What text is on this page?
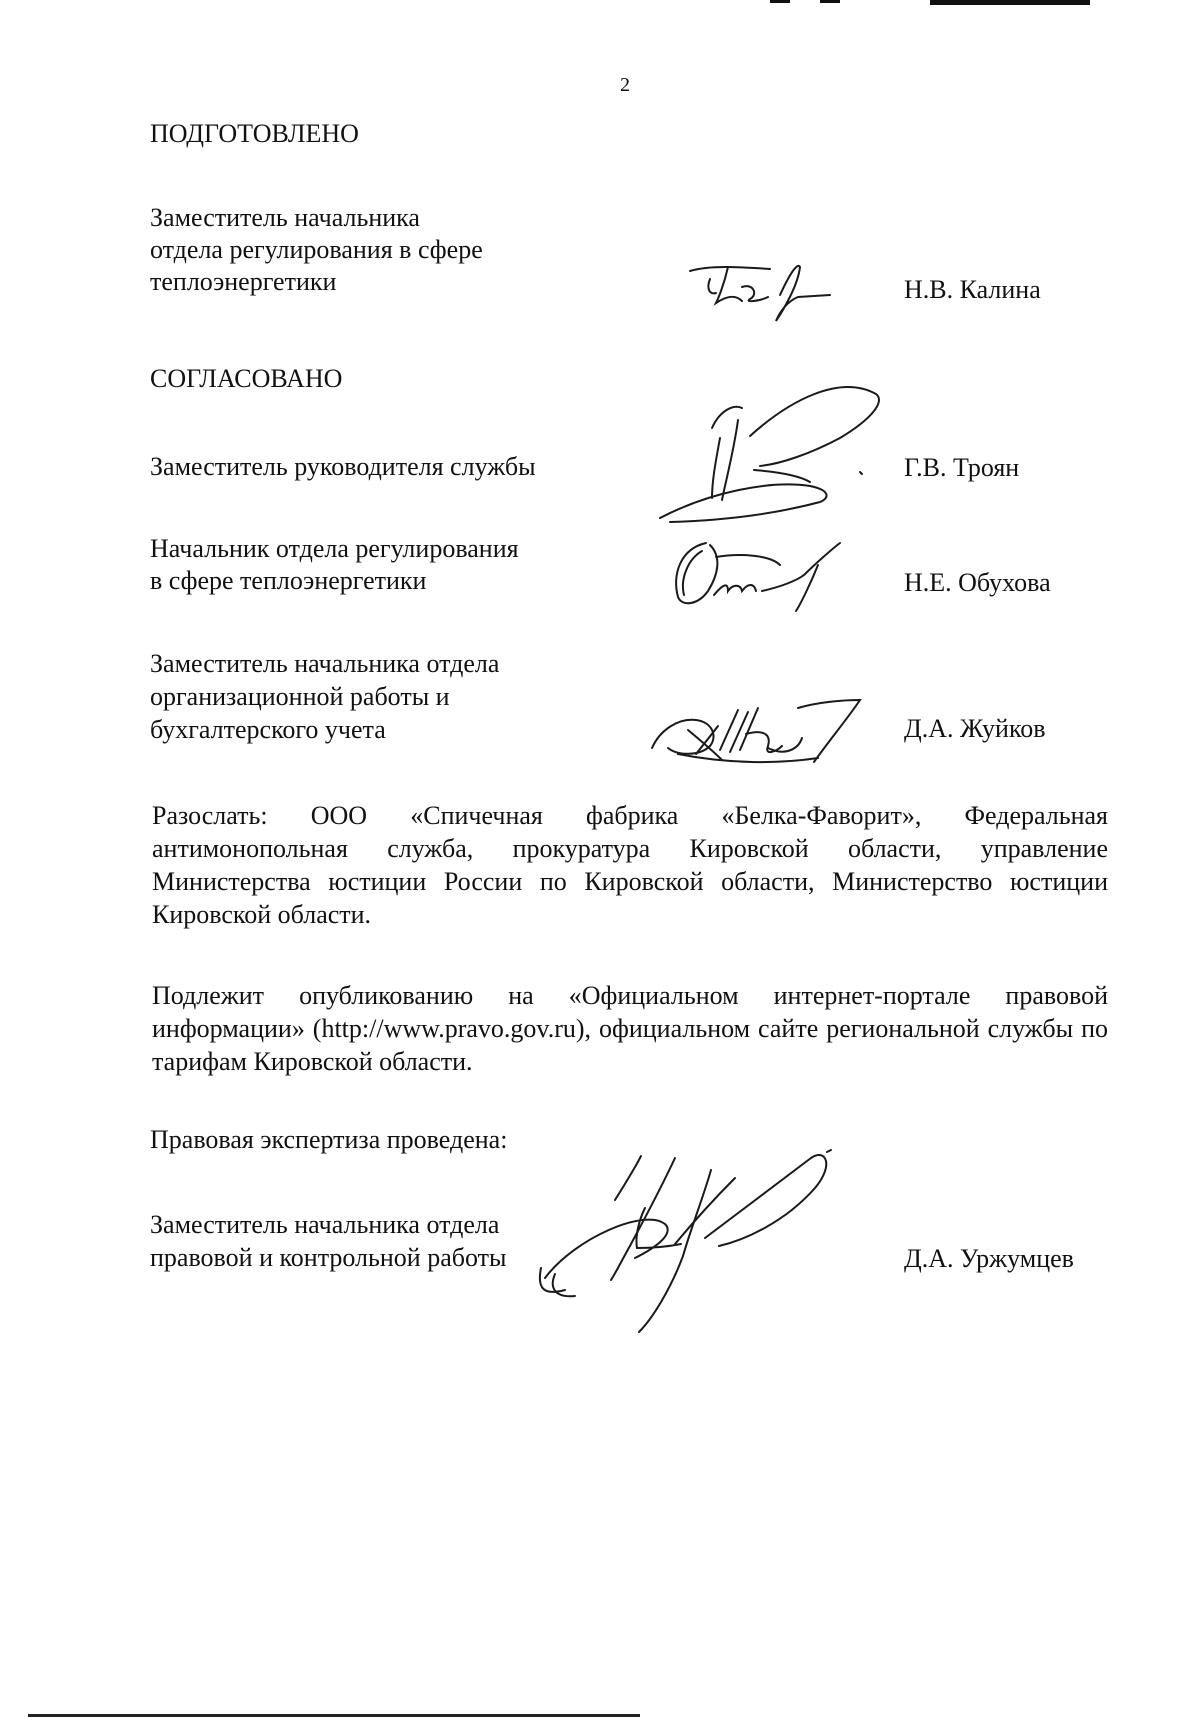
2
ПОДГОТОВЛЕНО
Заместитель начальника
отдела регулирования в сфере
теплоэнергетики	Н.В. Калина
СОГЛАСОВАНО
Заместитель руководителя службы	Г.В. Троян
Начальник отдела регулирования
в сфере теплоэнергетики	Н.Е. Обухова
Заместитель начальника отдела
организационной работы и
бухгалтерского учета	Д.А. Жуйков
Разослать: ООО «Спичечная фабрика «Белка-Фаворит», Федеральная антимонопольная служба, прокуратура Кировской области, управление Министерства юстиции России по Кировской области, Министерство юстиции Кировской области.
Подлежит опубликованию на «Официальном интернет-портале правовой информации» (http://www.pravo.gov.ru), официальном сайте региональной службы по тарифам Кировской области.
Правовая экспертиза проведена:
Заместитель начальника отдела
правовой и контрольной работы	Д.А. Уржумцев
